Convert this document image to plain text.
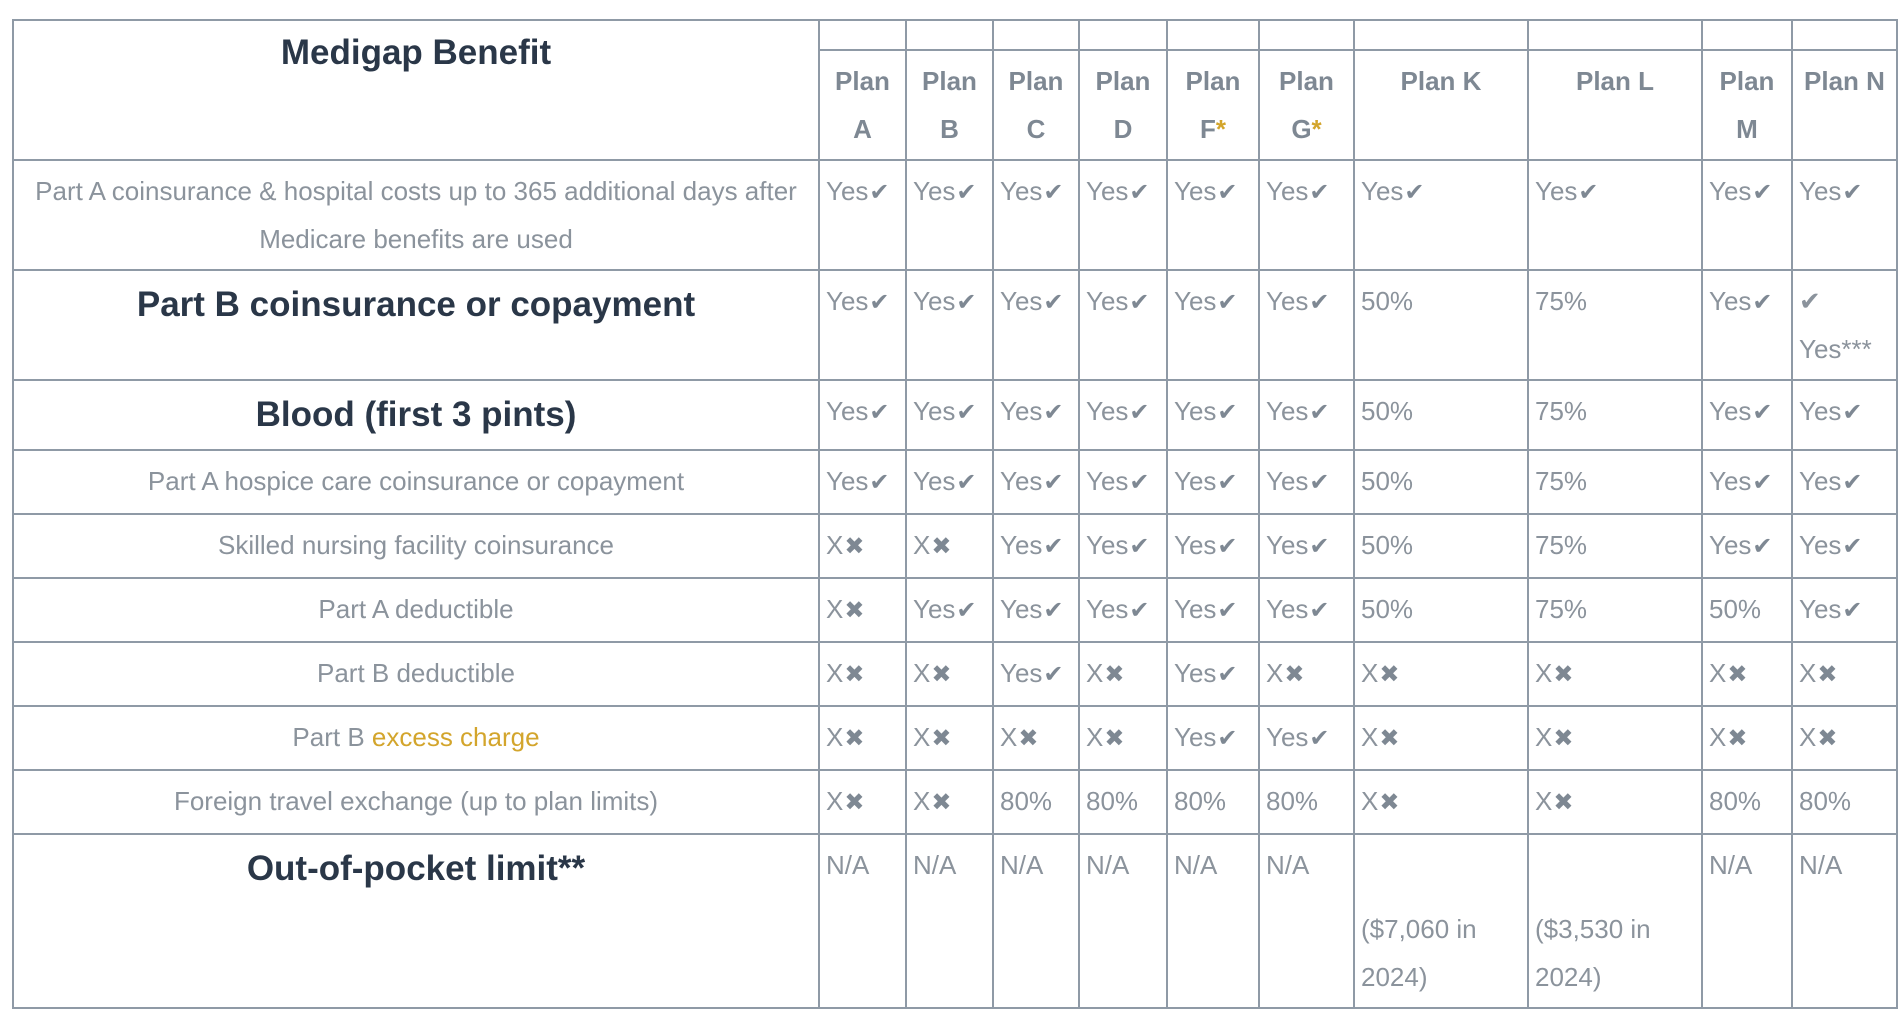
Medigap Benefit										
	Plan A	Plan B	Plan C	Plan D	Plan F*	Plan G*	Plan K	Plan L	Plan M	Plan N
Part A coinsurance & hospital costs up to 365 additional days after Medicare benefits are used	Yes✔	Yes✔	Yes✔	Yes✔	Yes✔	Yes✔	Yes✔	Yes✔	Yes✔	Yes✔
Part B coinsurance or copayment	Yes✔	Yes✔	Yes✔	Yes✔	Yes✔	Yes✔	50%	75%	Yes✔	✔ Yes***
Blood (first 3 pints)	Yes✔	Yes✔	Yes✔	Yes✔	Yes✔	Yes✔	50%	75%	Yes✔	Yes✔
Part A hospice care coinsurance or copayment	Yes✔	Yes✔	Yes✔	Yes✔	Yes✔	Yes✔	50%	75%	Yes✔	Yes✔
Skilled nursing facility coinsurance	X✖	X✖	Yes✔	Yes✔	Yes✔	Yes✔	50%	75%	Yes✔	Yes✔
Part A deductible	X✖	Yes✔	Yes✔	Yes✔	Yes✔	Yes✔	50%	75%	50%	Yes✔
Part B deductible	X✖	X✖	Yes✔	X✖	Yes✔	X✖	X✖	X✖	X✖	X✖
Part B excess charge	X✖	X✖	X✖	X✖	Yes✔	Yes✔	X✖	X✖	X✖	X✖
Foreign travel exchange (up to plan limits)	X✖	X✖	80%	80%	80%	80%	X✖	X✖	80%	80%
Out-of-pocket limit**	N/A	N/A	N/A	N/A	N/A	N/A	($7,060 in 2024)	($3,530 in 2024)	N/A	N/A
